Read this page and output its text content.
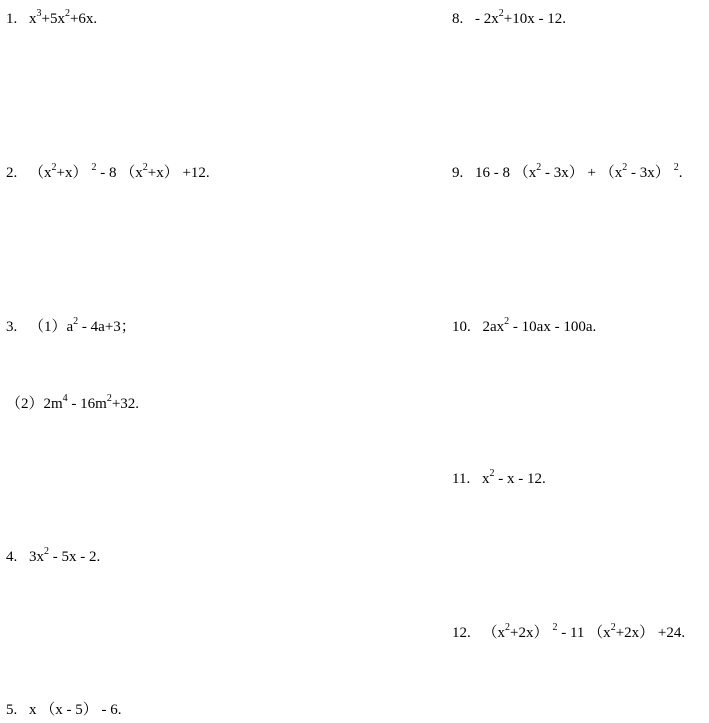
1. $x^3+5x^2+6x$.
2. $(x^2+x)$ $^2$ - 8 $(x^2+x) +12$.
3. $(1)a^2 - 4a+3$；
$(2)2m^4 - 16m^2+32$.
4. $3x^2 - 5x - 2$.
5. x （x - 5） - 6.
8. - $2x^2+10x - 12$.
9. 16 - 8 $(x^2 - 3x) + (x^2 - 3x)$ $^2$.
10. $2ax^2 - 10ax - 100a$.
11. $x^2$ - x - 12.
12. $(x^2+2x)$ $^2$ - 11 $(x^2+2x) +24$.
